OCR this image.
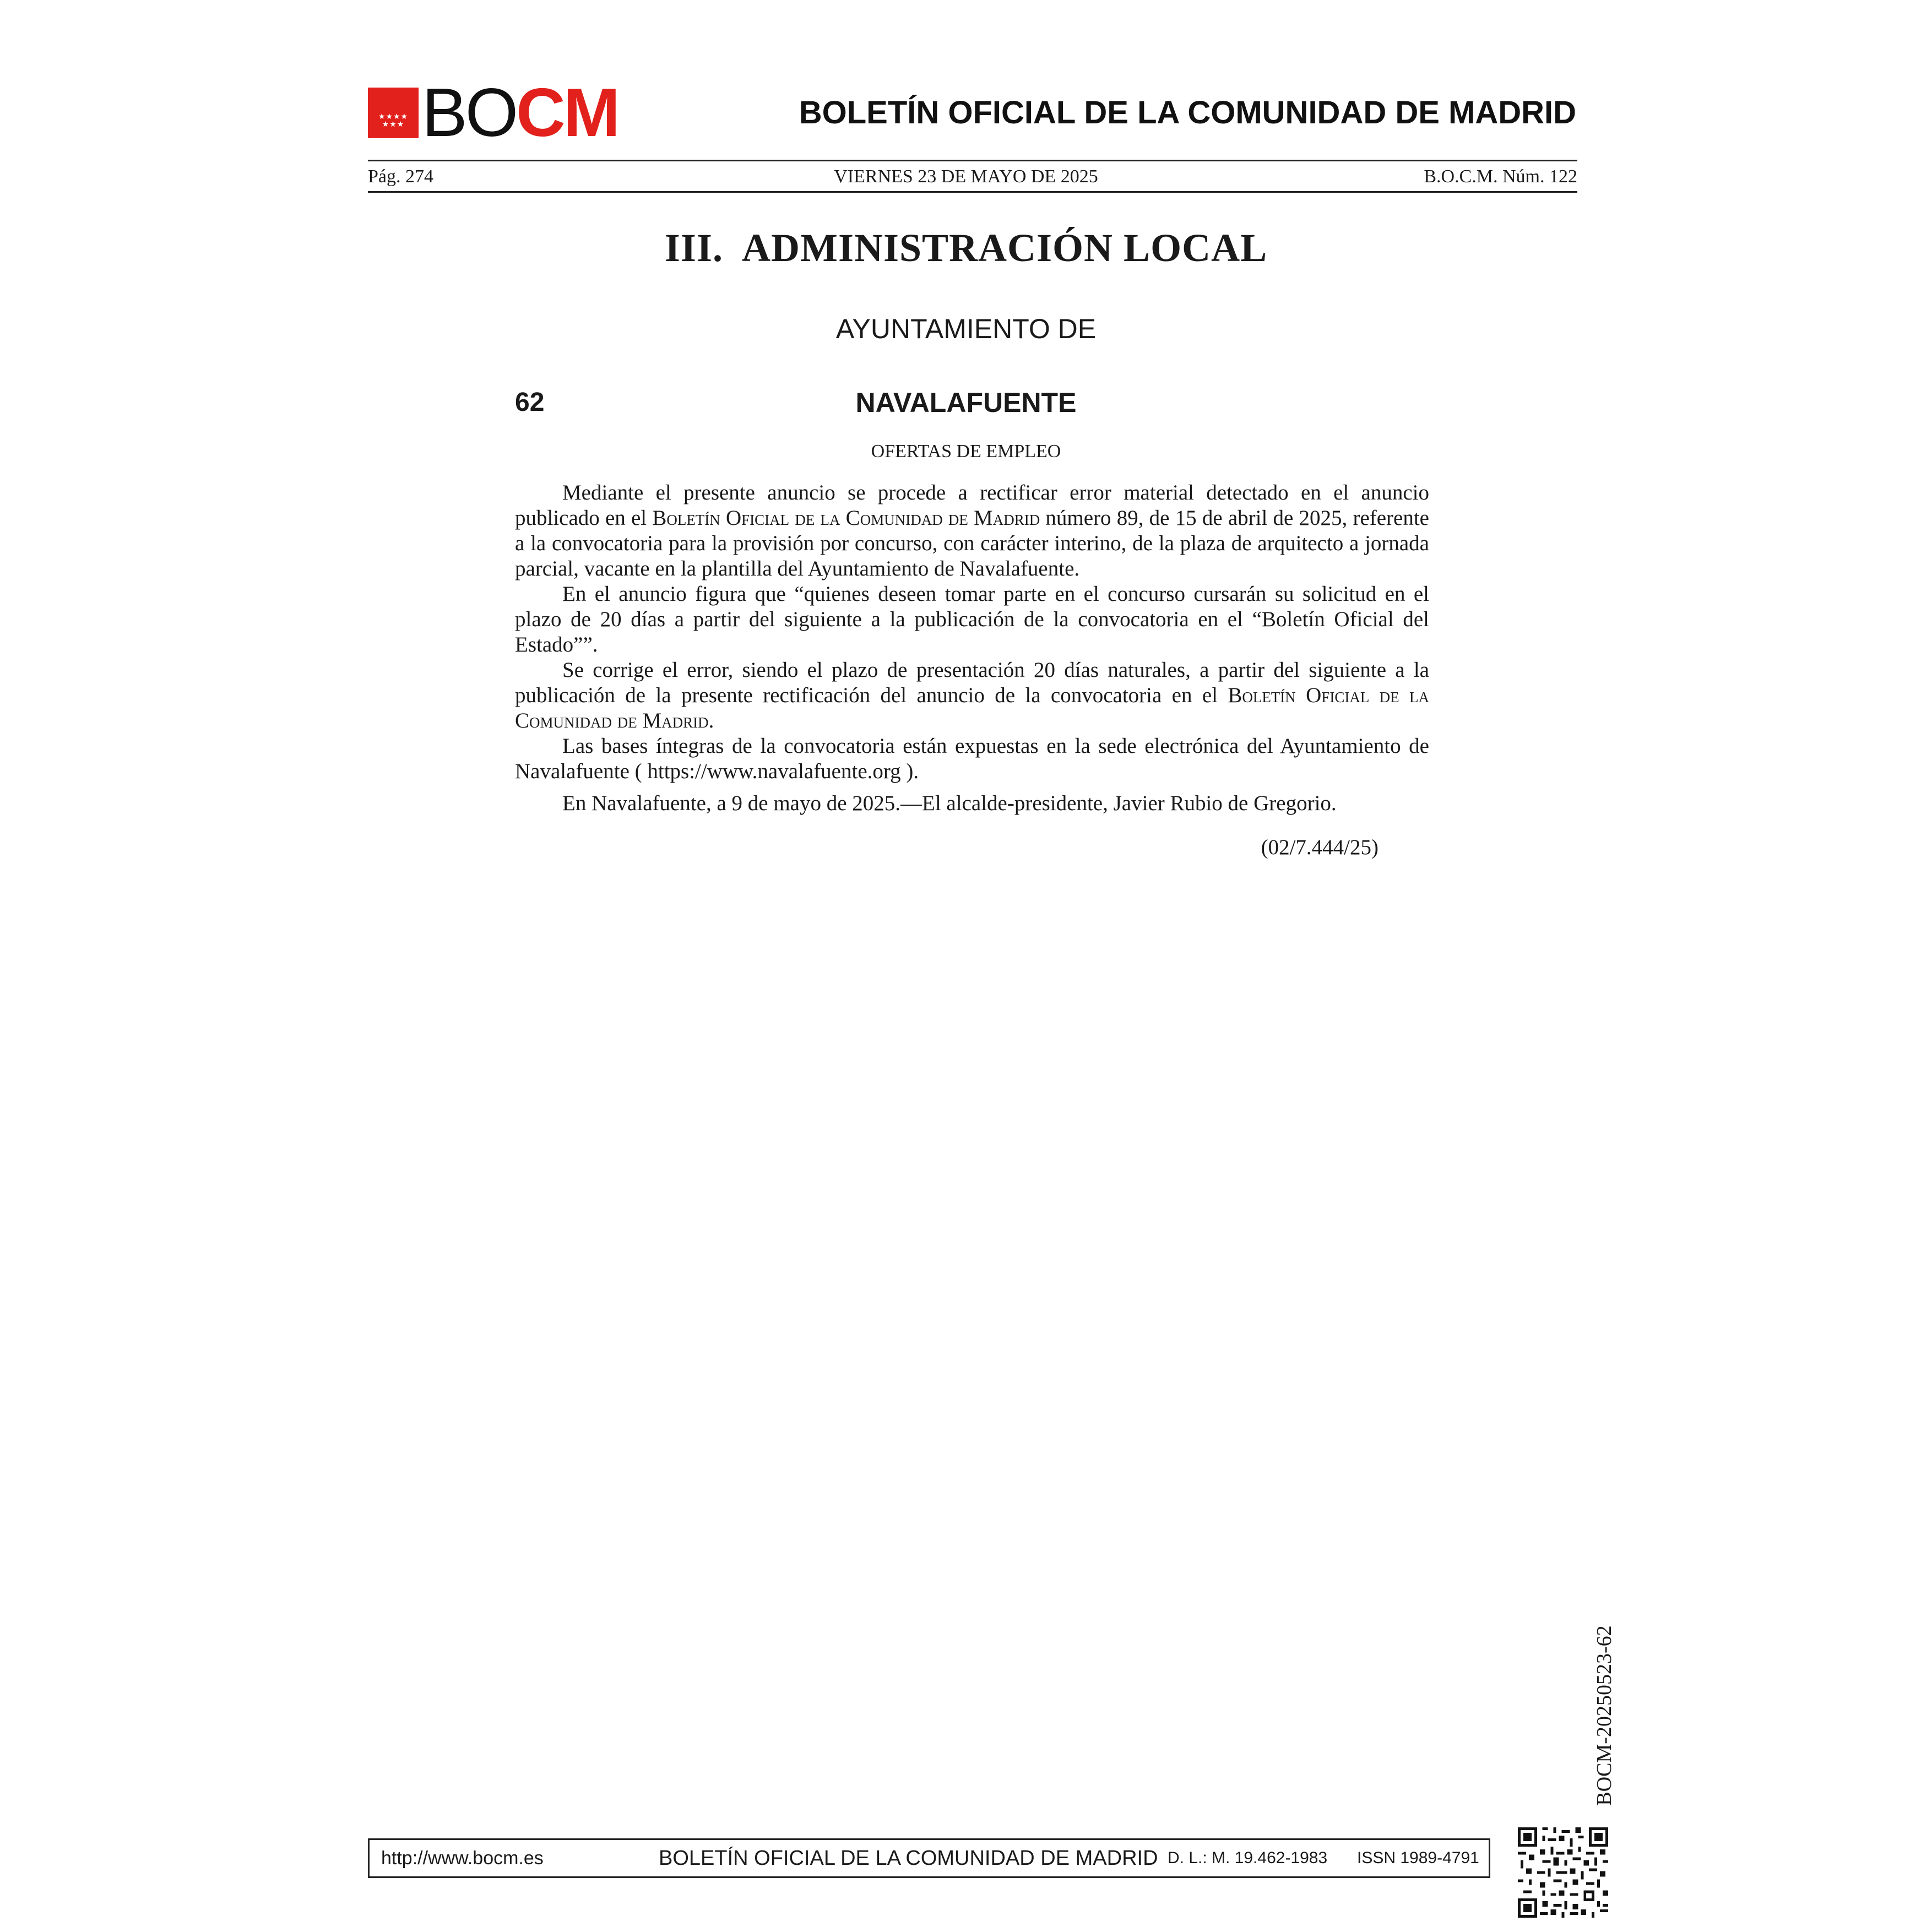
★★★★
★★★ BOCM	BOLETÍN OFICIAL DE LA COMUNIDAD DE MADRID
Pág. 274	VIERNES 23 DE MAYO DE 2025	B.O.C.M. Núm. 122
III.  ADMINISTRACIÓN LOCAL
AYUNTAMIENTO DE
62	NAVALAFUENTE
OFERTAS DE EMPLEO

Mediante el presente anuncio se procede a rectificar error material detectado en el anuncio publicado en el Boletín Oficial de la Comunidad de Madrid número 89, de 15 de abril de 2025, referente a la convocatoria para la provisión por concurso, con carácter interino, de la plaza de arquitecto a jornada parcial, vacante en la plantilla del Ayuntamiento de Navalafuente.

En el anuncio figura que “quienes deseen tomar parte en el concurso cursarán su solicitud en el plazo de 20 días a partir del siguiente a la publicación de la convocatoria en el “Boletín Oficial del Estado””.

Se corrige el error, siendo el plazo de presentación 20 días naturales, a partir del siguiente a la publicación de la presente rectificación del anuncio de la convocatoria en el Boletín Oficial de la Comunidad de Madrid.

Las bases íntegras de la convocatoria están expuestas en la sede electrónica del Ayuntamiento de Navalafuente ( https://www.navalafuente.org ).

En Navalafuente, a 9 de mayo de 2025.—El alcalde-presidente, Javier Rubio de Gregorio.

(02/7.444/25)
BOCM-20250523-62
http://www.bocm.es	BOLETÍN OFICIAL DE LA COMUNIDAD DE MADRID D. L.: M. 19.462-1983 ISSN 1989-4791
